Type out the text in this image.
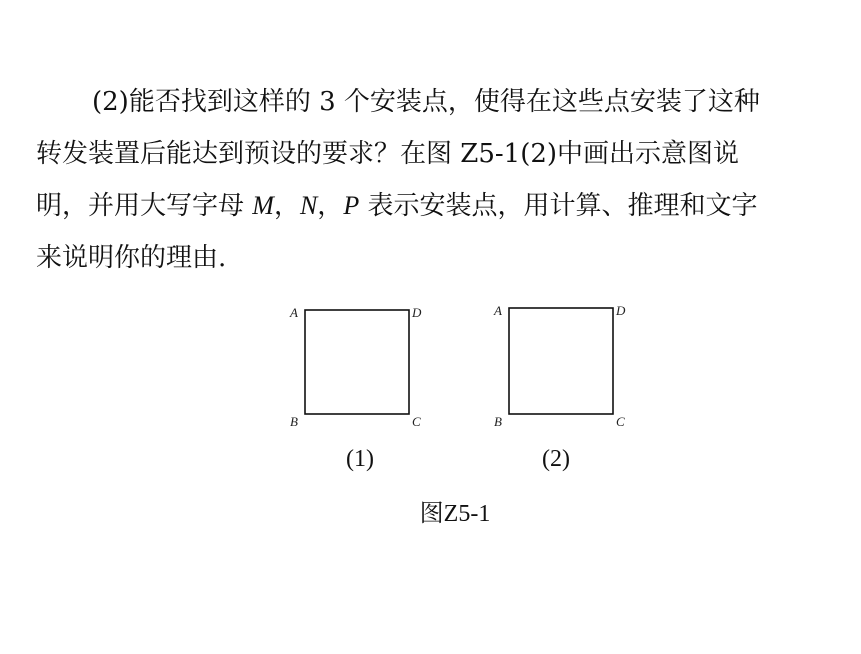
(2)能否找到这样的 3 个安装点，使得在这些点安装了这种
转发装置后能达到预设的要求？在图 Z5-1(2)中画出示意图说
明，并用大写字母 M，N，P 表示安装点，用计算、推理和文字
来说明你的理由.
A	D
B	C
A	D
B	C
(1)	(2)
图Z5-1
